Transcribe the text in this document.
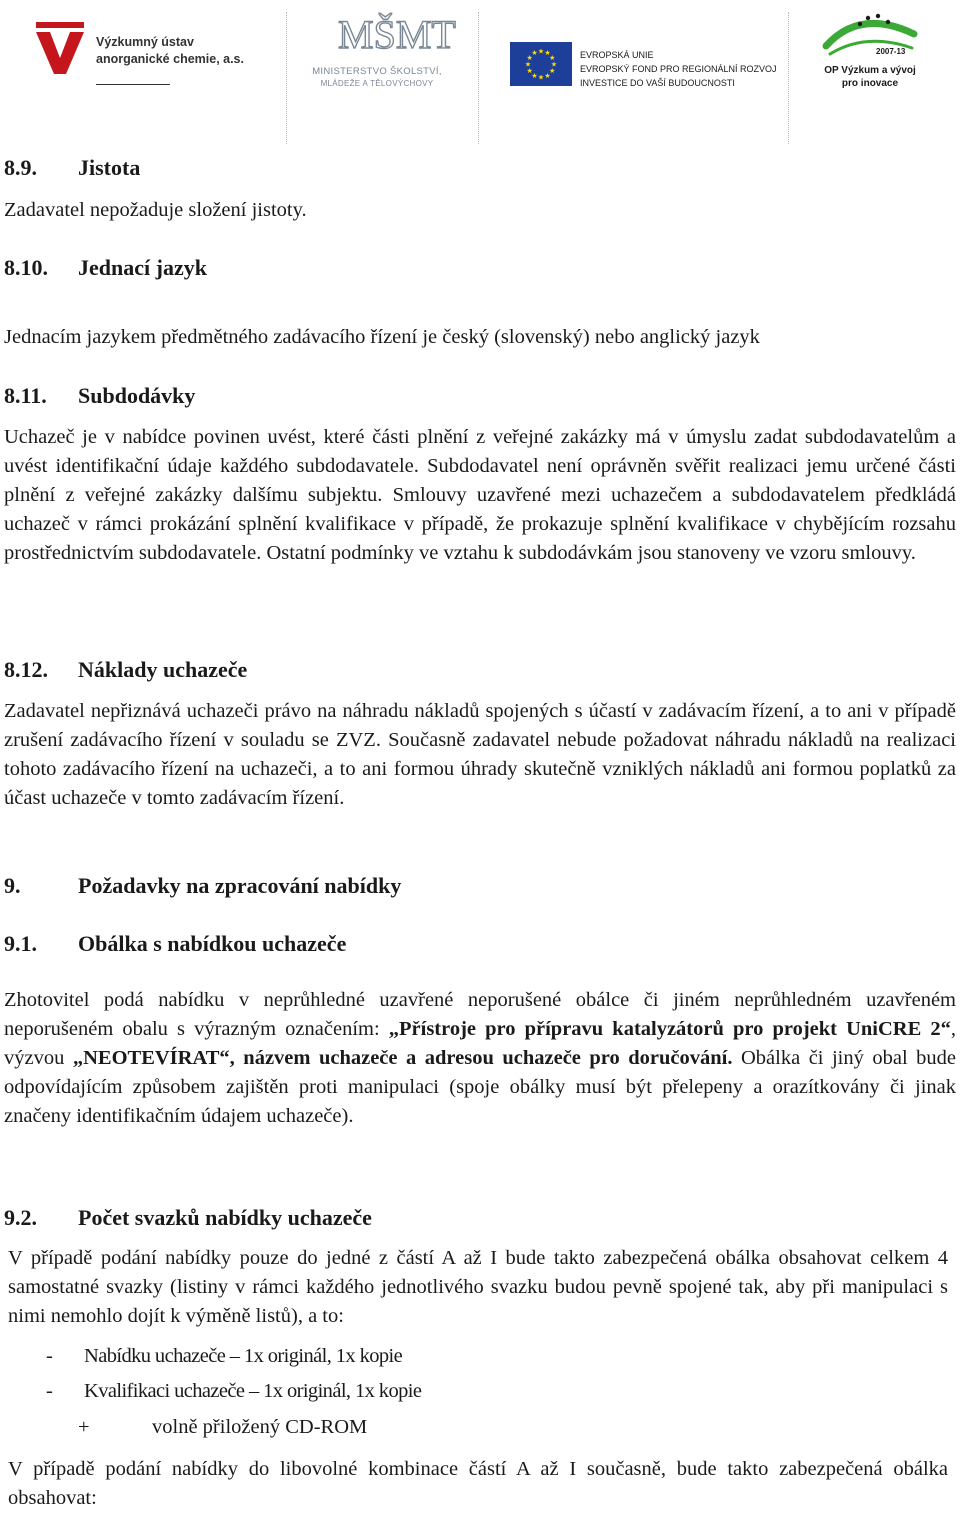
Výzkumný ústav
anorganické chemie, a.s.
MŠMT
MINISTERSTVO ŠKOLSTVÍ,
MLÁDEŽE A TĚLOVÝCHOVY
★ ★
★
★
★
★
★
★
★
★
★
★	EVROPSKÁ UNIE
EVROPSKÝ FOND PRO REGIONÁLNÍ ROZVOJ
INVESTICE DO VAŠÍ BUDOUCNOSTI
2007-13
OP Výzkum a vývoj
pro inovace
8.9. Jistota

Zadavatel nepožaduje složení jistoty.

8.10. Jednací jazyk

Jednacím jazykem předmětného zadávacího řízení je český (slovenský) nebo anglický jazyk

8.11. Subdodávky

Uchazeč je v nabídce povinen uvést, které části plnění z veřejné zakázky má v úmyslu zadat subdodavatelům a uvést identifikační údaje každého subdodavatele. Subdodavatel není oprávněn svěřit realizaci jemu určené části plnění z veřejné zakázky dalšímu subjektu. Smlouvy uzavřené mezi uchazečem a subdodavatelem předkládá uchazeč v rámci prokázání splnění kvalifikace v případě, že prokazuje splnění kvalifikace v chybějícím rozsahu prostřednictvím subdodavatele. Ostatní podmínky ve vztahu k subdodávkám jsou stanoveny ve vzoru smlouvy.

8.12. Náklady uchazeče

Zadavatel nepřiznává uchazeči právo na náhradu nákladů spojených s účastí v zadávacím řízení, a to ani v případě zrušení zadávacího řízení v souladu se ZVZ. Současně zadavatel nebude požadovat náhradu nákladů na realizaci tohoto zadávacího řízení na uchazeči, a to ani formou úhrady skutečně vzniklých nákladů ani formou poplatků za účast uchazeče v tomto zadávacím řízení.

9.	Požadavky na zpracování nabídky
9.1. Obálka s nabídkou uchazeče

Zhotovitel podá nabídku v neprůhledné uzavřené neporušené obálce či jiném neprůhledném uzavřeném neporušeném obalu s výrazným označením: „Přístroje pro přípravu katalyzátorů pro projekt UniCRE 2“, výzvou „NEOTEVÍRAT“, názvem uchazeče a adresou uchazeče pro doručování. Obálka či jiný obal bude odpovídajícím způsobem zajištěn proti manipulaci (spoje obálky musí být přelepeny a orazítkovány či jinak značeny identifikačním údajem uchazeče).

9.2. Počet svazků nabídky uchazeče

V případě podání nabídky pouze do jedné z částí A až I bude takto zabezpečená obálka obsahovat celkem 4 samostatné svazky (listiny v rámci každého jednotlivého svazku budou pevně spojené tak, aby při manipulaci s nimi nemohlo dojít k výměně listů), a to:

- Nabídku uchazeče – 1x originál, 1x kopie
- Kvalifikaci uchazeče – 1x originál, 1x kopie
+	volně přiložený CD-ROM

V případě podání nabídky do libovolné kombinace částí A až I současně, bude takto zabezpečená obálka obsahovat:
